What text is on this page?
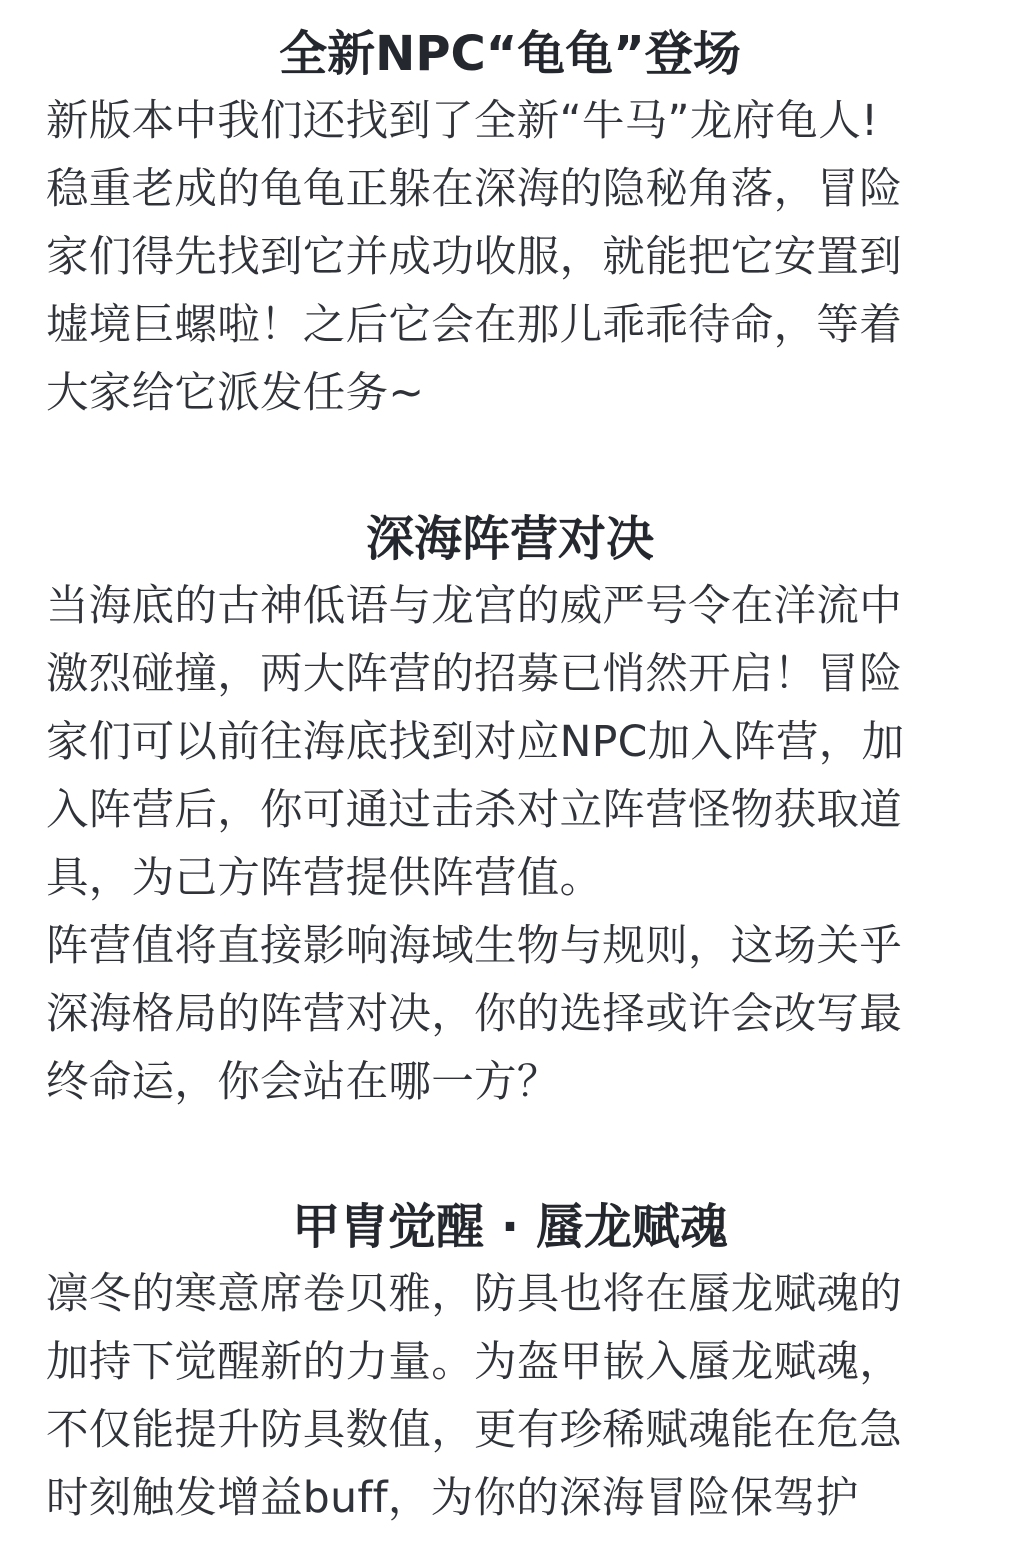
全新NPC“龟龟”登场

新版本中我们还找到了全新“牛马”龙府龟人!
稳重老成的龟龟正躲在深海的隐秘角落，冒险
家们得先找到它并成功收服，就能把它安置到
墟境巨螺啦！之后它会在那儿乖乖待命，等着
大家给它派发任务~

深海阵营对决

当海底的古神低语与龙宫的威严号令在洋流中
激烈碰撞，两大阵营的招募已悄然开启！冒险
家们可以前往海底找到对应NPC加入阵营，加
入阵营后，你可通过击杀对立阵营怪物获取道
具，为己方阵营提供阵营值。

阵营值将直接影响海域生物与规则，这场关乎
深海格局的阵营对决，你的选择或许会改写最
终命运，你会站在哪一方？

甲胄觉醒 · 蜃龙赋魂

凛冬的寒意席卷贝雅，防具也将在蜃龙赋魂的
加持下觉醒新的力量。为盔甲嵌入蜃龙赋魂，
不仅能提升防具数值，更有珍稀赋魂能在危急
时刻触发增益buff，为你的深海冒险保驾护
